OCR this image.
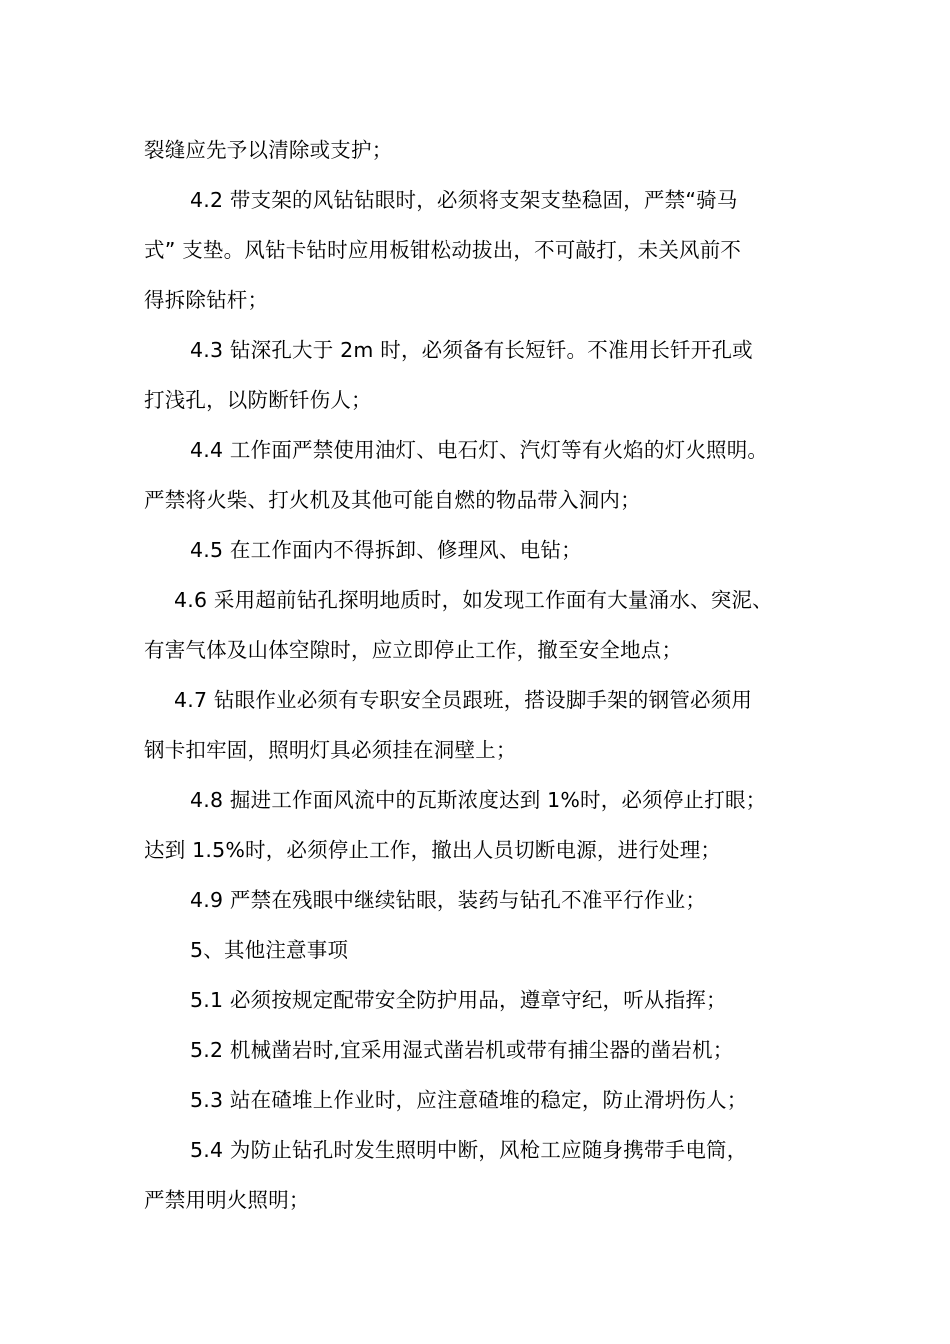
裂缝应先予以清除或支护；
4.2 带支架的风钻钻眼时，必须将支架支垫稳固，严禁“骑马
式” 支垫。风钻卡钻时应用板钳松动拔出，不可敲打，未关风前不
得拆除钻杆；
4.3 钻深孔大于 2m 时，必须备有长短钎。不准用长钎开孔或
打浅孔，以防断钎伤人；
4.4 工作面严禁使用油灯、电石灯、汽灯等有火焰的灯火照明。
严禁将火柴、打火机及其他可能自燃的物品带入洞内；
4.5 在工作面内不得拆卸、修理风、电钻；
4.6 采用超前钻孔探明地质时，如发现工作面有大量涌水、突泥、
有害气体及山体空隙时，应立即停止工作，撤至安全地点；
4.7 钻眼作业必须有专职安全员跟班，搭设脚手架的钢管必须用
钢卡扣牢固，照明灯具必须挂在洞壁上；
4.8 掘进工作面风流中的瓦斯浓度达到 1%时，必须停止打眼；
达到 1.5%时，必须停止工作，撤出人员切断电源，进行处理；
4.9 严禁在残眼中继续钻眼，装药与钻孔不准平行作业；
5、其他注意事项
5.1 必须按规定配带安全防护用品，遵章守纪，听从指挥；
5.2 机械凿岩时,宜采用湿式凿岩机或带有捕尘器的凿岩机；
5.3 站在碴堆上作业时，应注意碴堆的稳定，防止滑坍伤人；
5.4 为防止钻孔时发生照明中断，风枪工应随身携带手电筒，
严禁用明火照明；
